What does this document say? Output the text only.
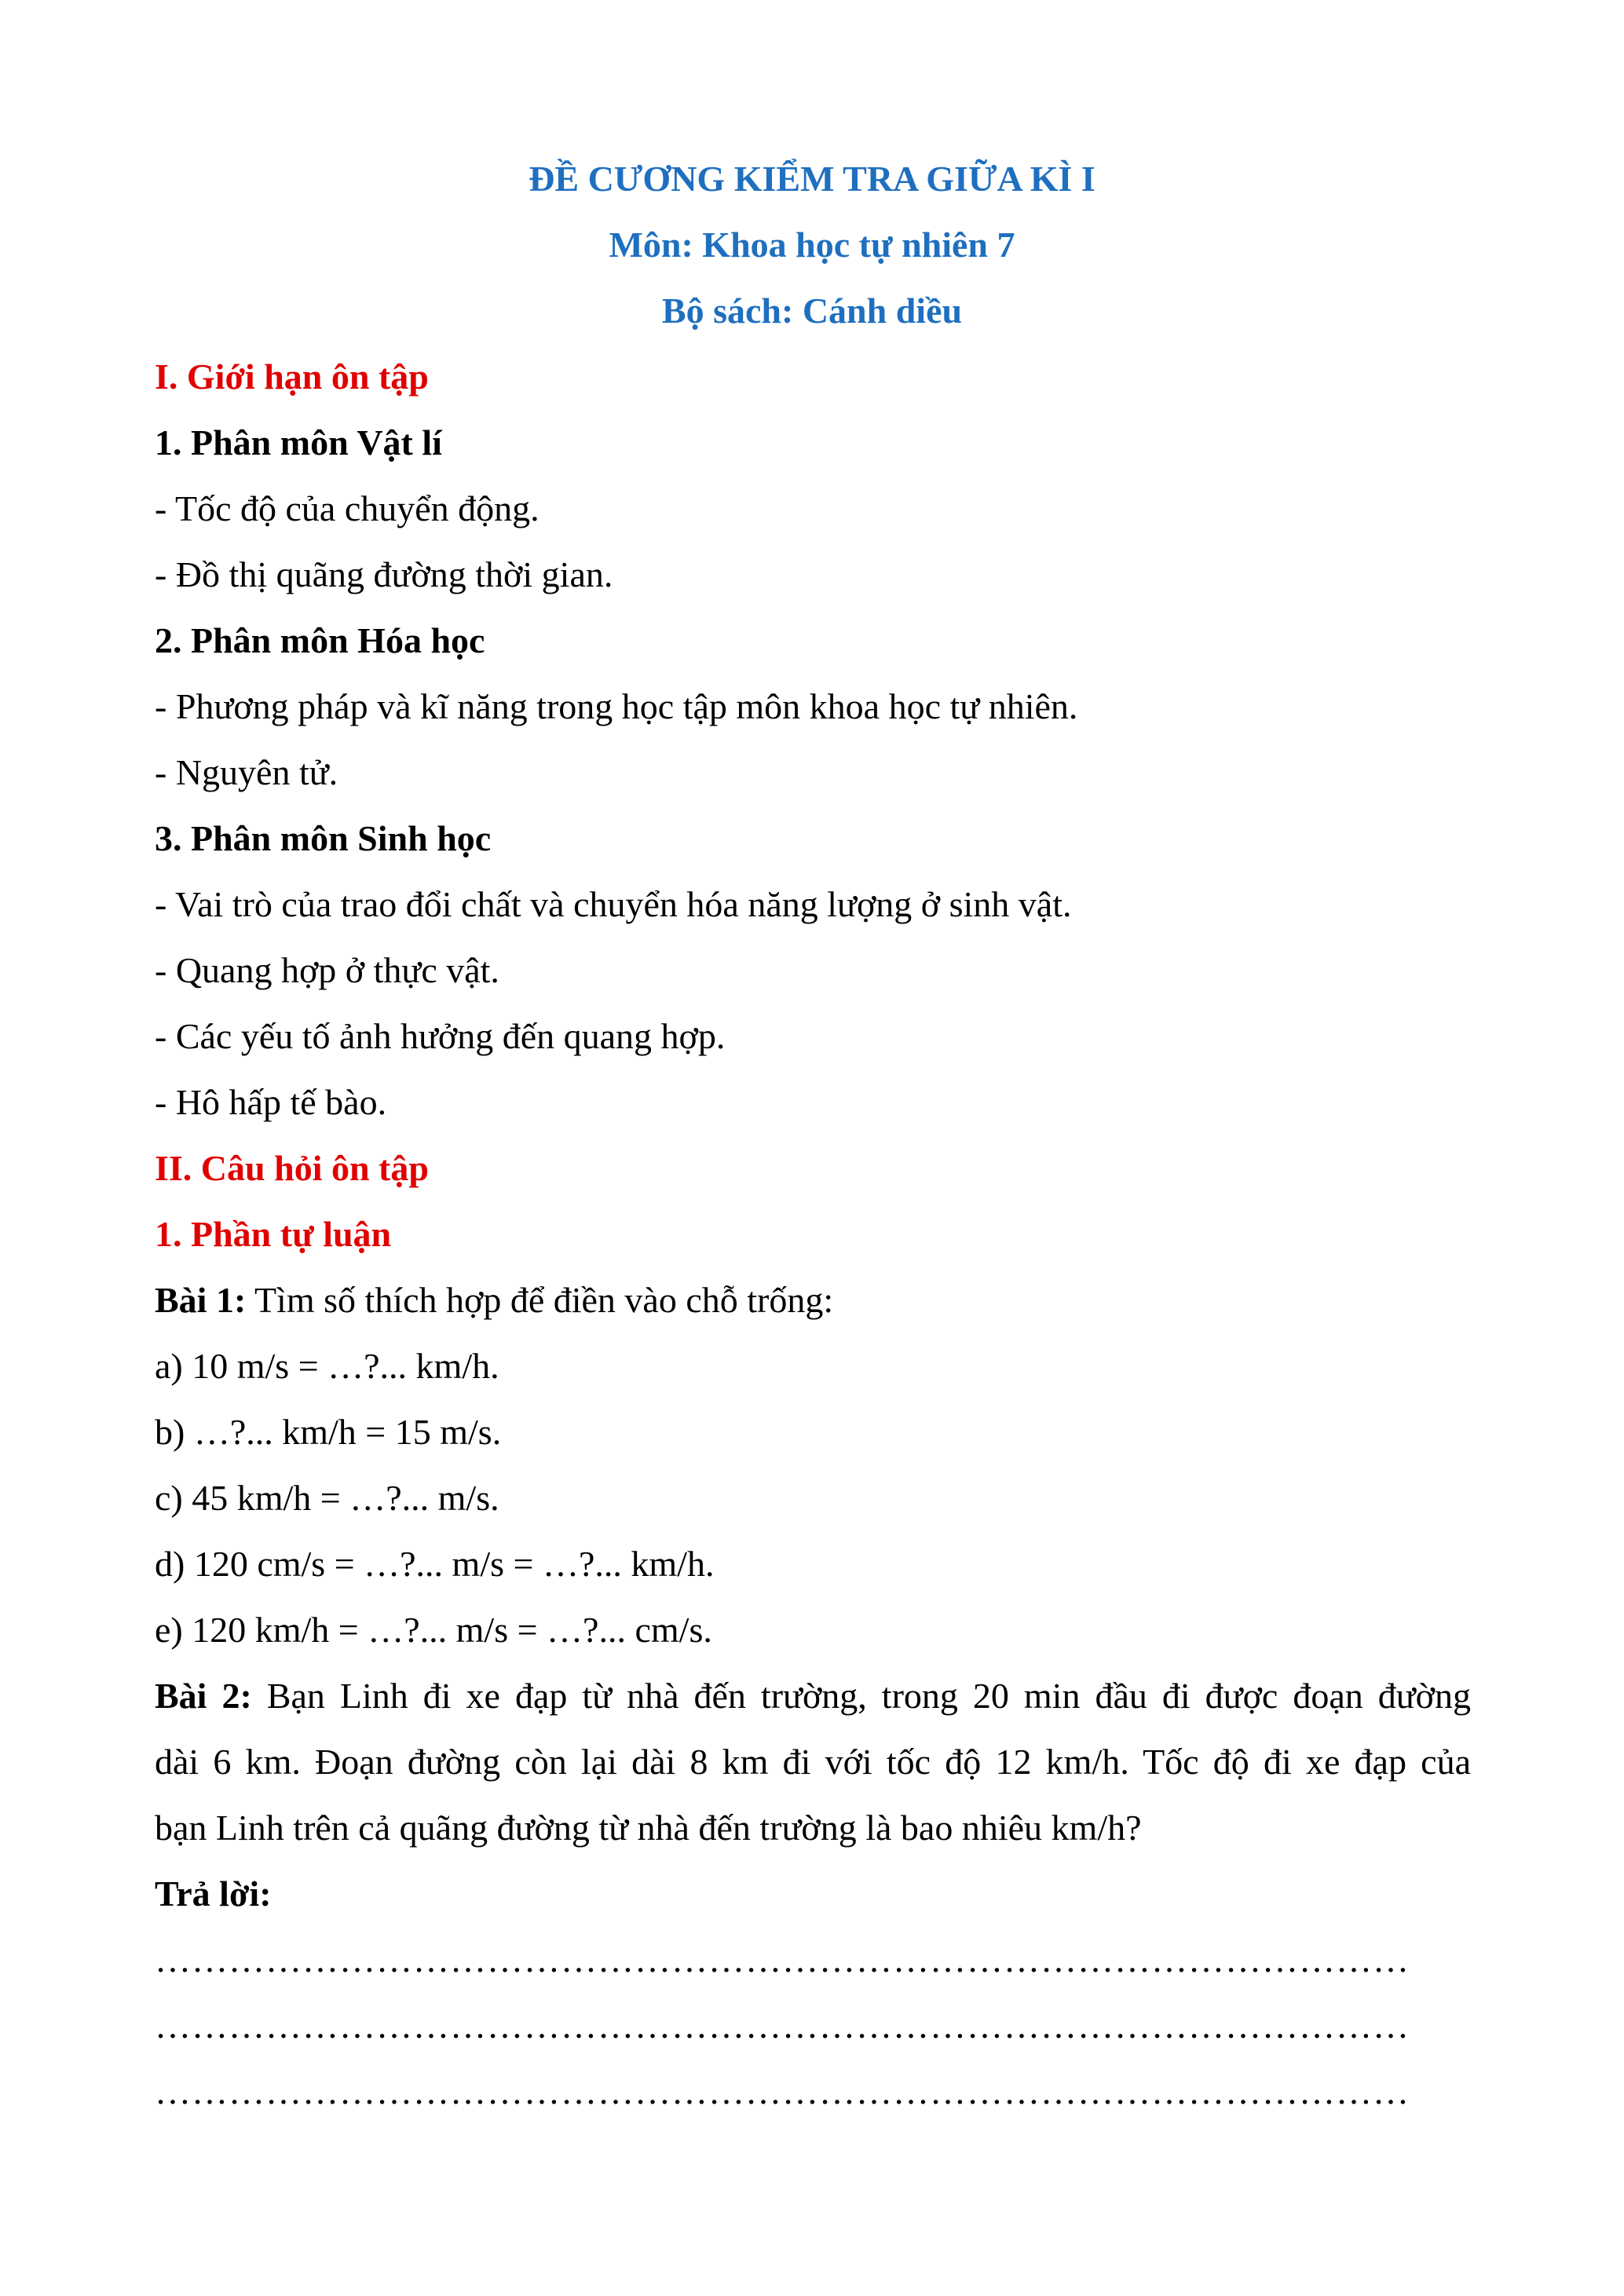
ĐỀ CƯƠNG KIỂM TRA GIỮA KÌ I
Môn: Khoa học tự nhiên 7
Bộ sách: Cánh diều
I. Giới hạn ôn tập
1. Phân môn Vật lí
- Tốc độ của chuyển động.
- Đồ thị quãng đường thời gian.
2. Phân môn Hóa học
- Phương pháp và kĩ năng trong học tập môn khoa học tự nhiên.
- Nguyên tử.
3. Phân môn Sinh học
- Vai trò của trao đổi chất và chuyển hóa năng lượng ở sinh vật.
- Quang hợp ở thực vật.
- Các yếu tố ảnh hưởng đến quang hợp.
- Hô hấp tế bào.
II. Câu hỏi ôn tập
1. Phần tự luận
Bài 1: Tìm số thích hợp để điền vào chỗ trống:
a) 10 m/s = …?... km/h.
b) …?... km/h = 15 m/s.
c) 45 km/h = …?... m/s.
d) 120 cm/s = …?... m/s = …?... km/h.
e) 120 km/h = …?... m/s = …?... cm/s.
Bài 2: Bạn Linh đi xe đạp từ nhà đến trường, trong 20 min đầu đi được đoạn đường
dài 6 km. Đoạn đường còn lại dài 8 km đi với tốc độ 12 km/h. Tốc độ đi xe đạp của
bạn Linh trên cả quãng đường từ nhà đến trường là bao nhiêu km/h?
Trả lời:
…………………………………………………………………………………………
…………………………………………………………………………………………
…………………………………………………………………………………………
